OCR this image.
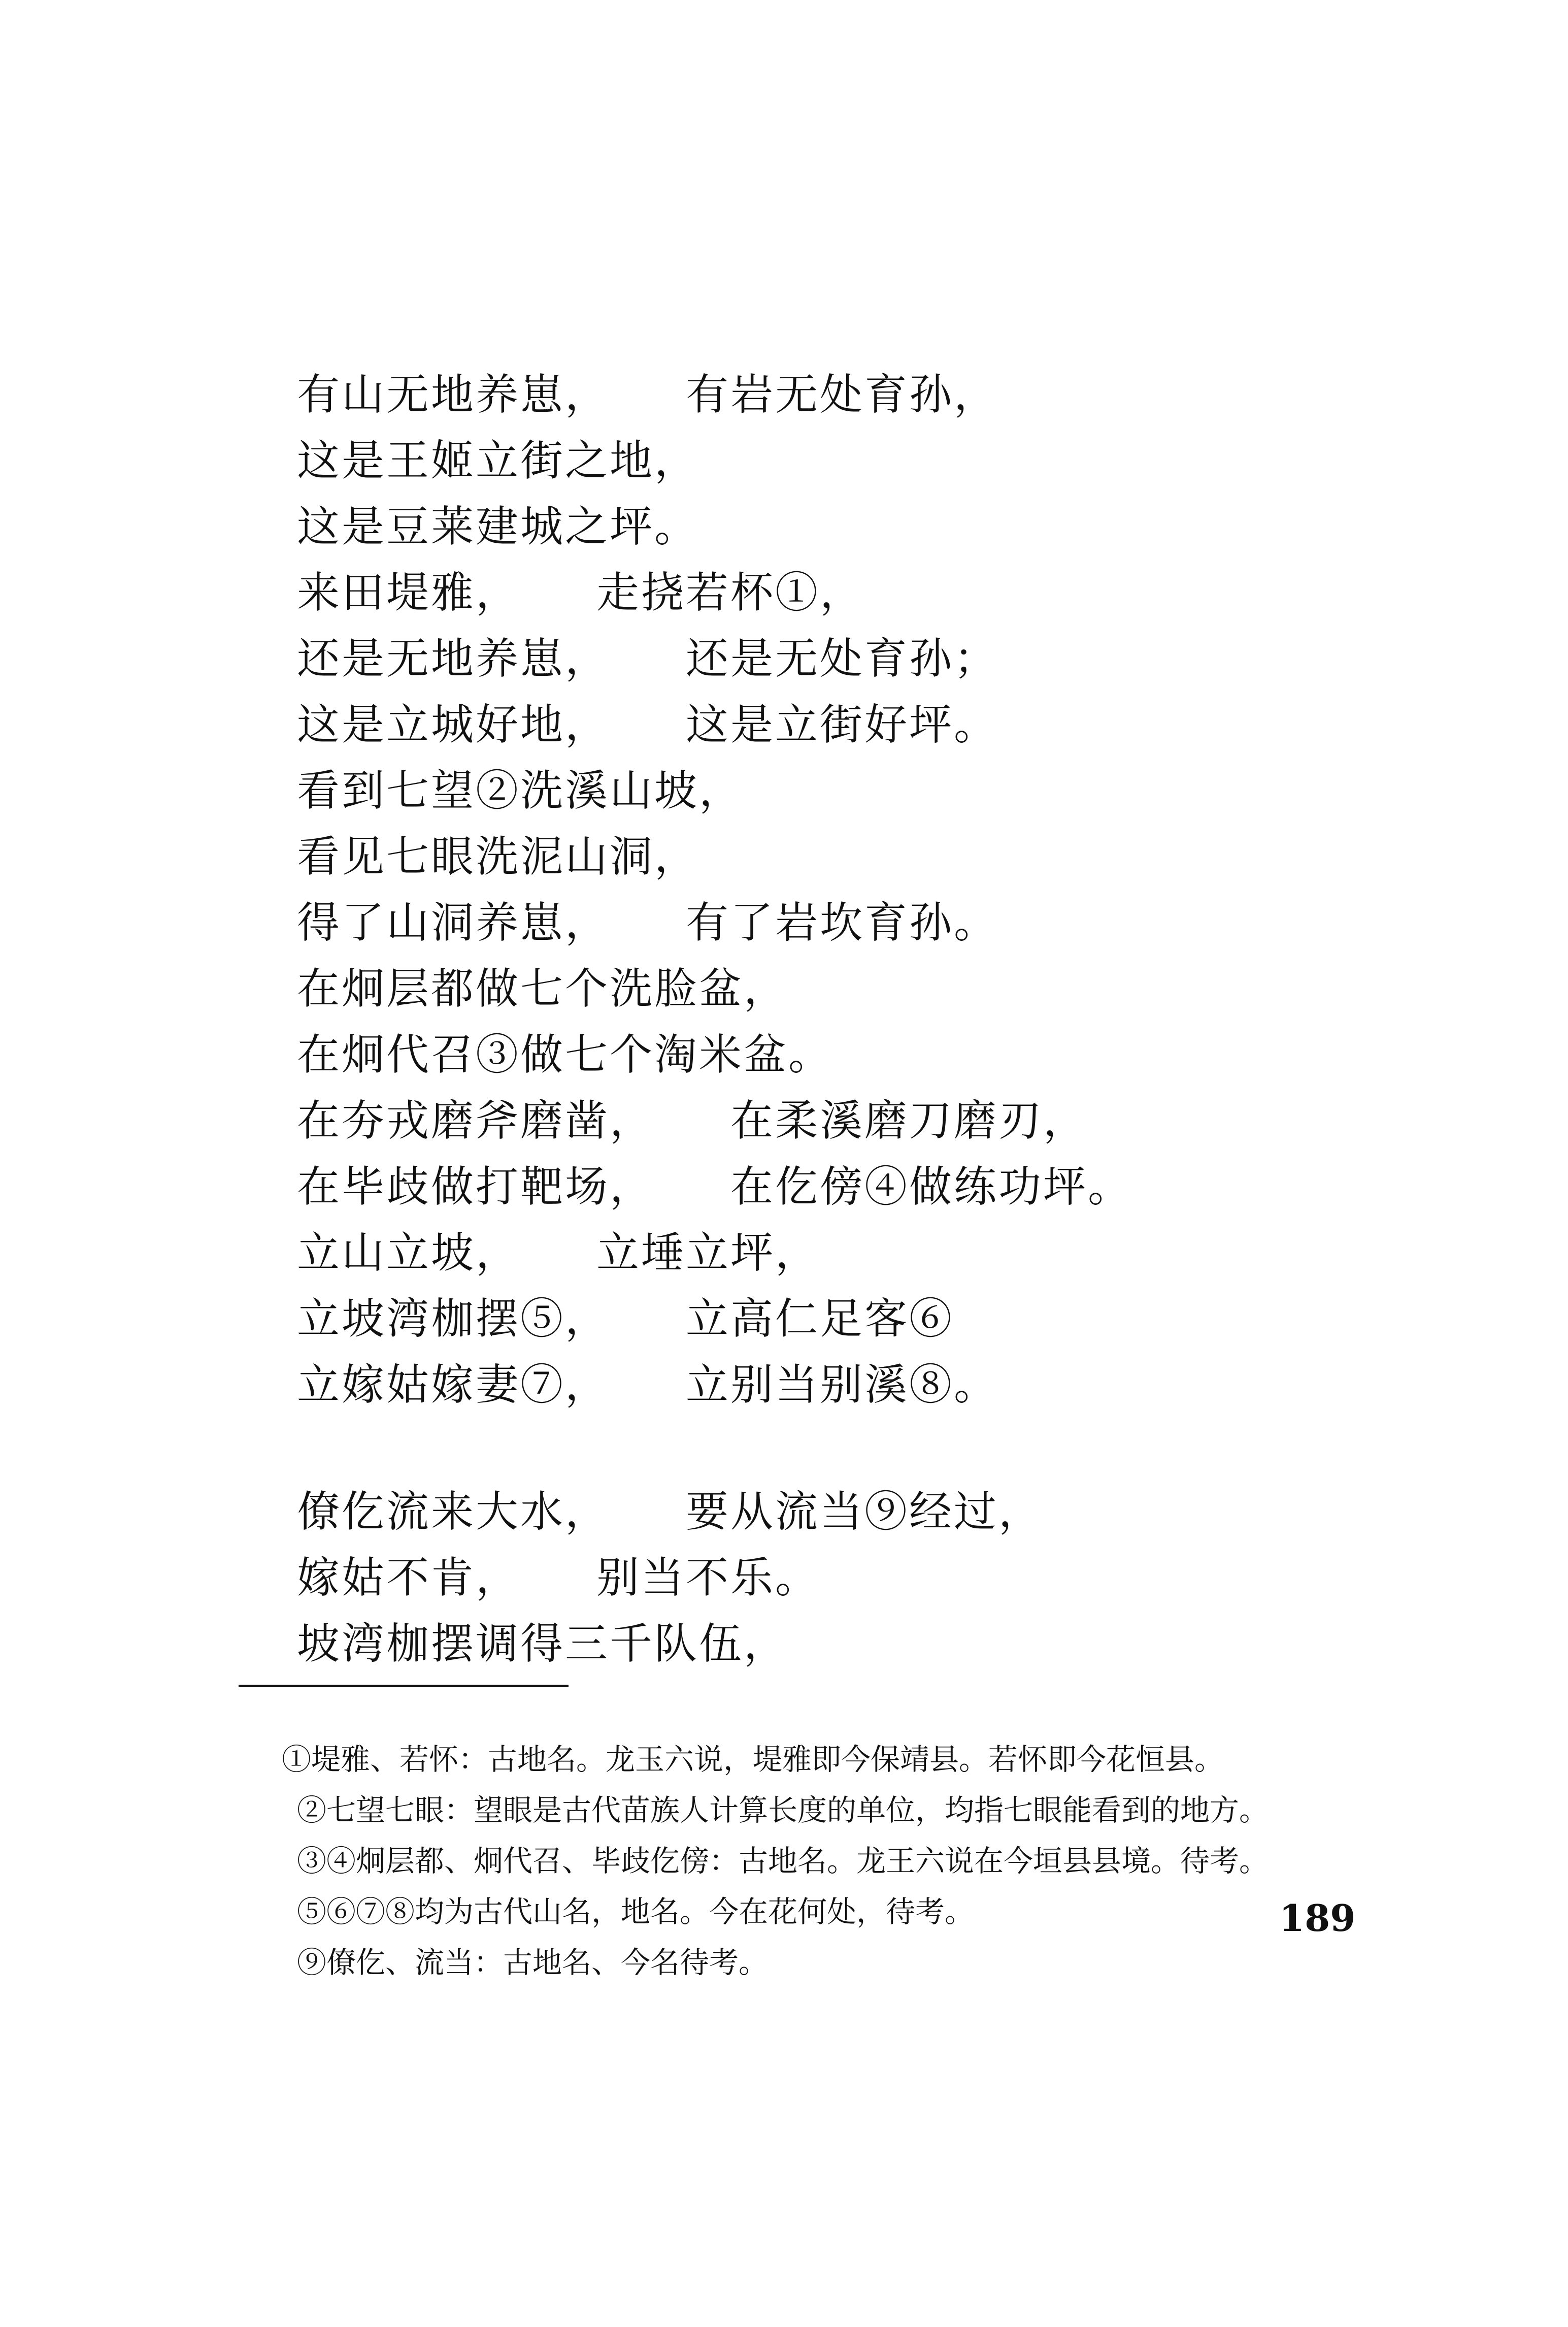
有山无地养崽， 有岩无处育孙，
这是王姬立街之地，
这是豆莱建城之坪。
来田堤雅， 走挠若杯①，
还是无地养崽， 还是无处育孙；
这是立城好地， 这是立街好坪。
看到七望②洗溪山坡，
看见七眼洗泥山洞，
得了山洞养崽， 有了岩坎育孙。
在炯层都做七个洗脸盆，
在炯代召③做七个淘米盆。
在夯戎磨斧磨凿， 在柔溪磨刀磨刃，
在毕歧做打靶场， 在仡傍④做练功坪。
立山立坡， 立埵立坪，
立坡湾枷摆⑤， 立高仁足客⑥
立嫁姑嫁妻⑦， 立别当别溪⑧。
僚仡流来大水， 要从流当⑨经过，
嫁姑不肯， 别当不乐。
坡湾枷摆调得三千队伍，
①堤雅、若怀：古地名。龙玉六说，堤雅即今保靖县。若怀即今花恒县。
②七望七眼：望眼是古代苗族人计算长度的单位，均指七眼能看到的地方。
③④炯层都、炯代召、毕歧仡傍：古地名。龙王六说在今垣县县境。待考。
⑤⑥⑦⑧均为古代山名，地名。今在花何处，待考。
⑨僚仡、流当：古地名、今名待考。
189
